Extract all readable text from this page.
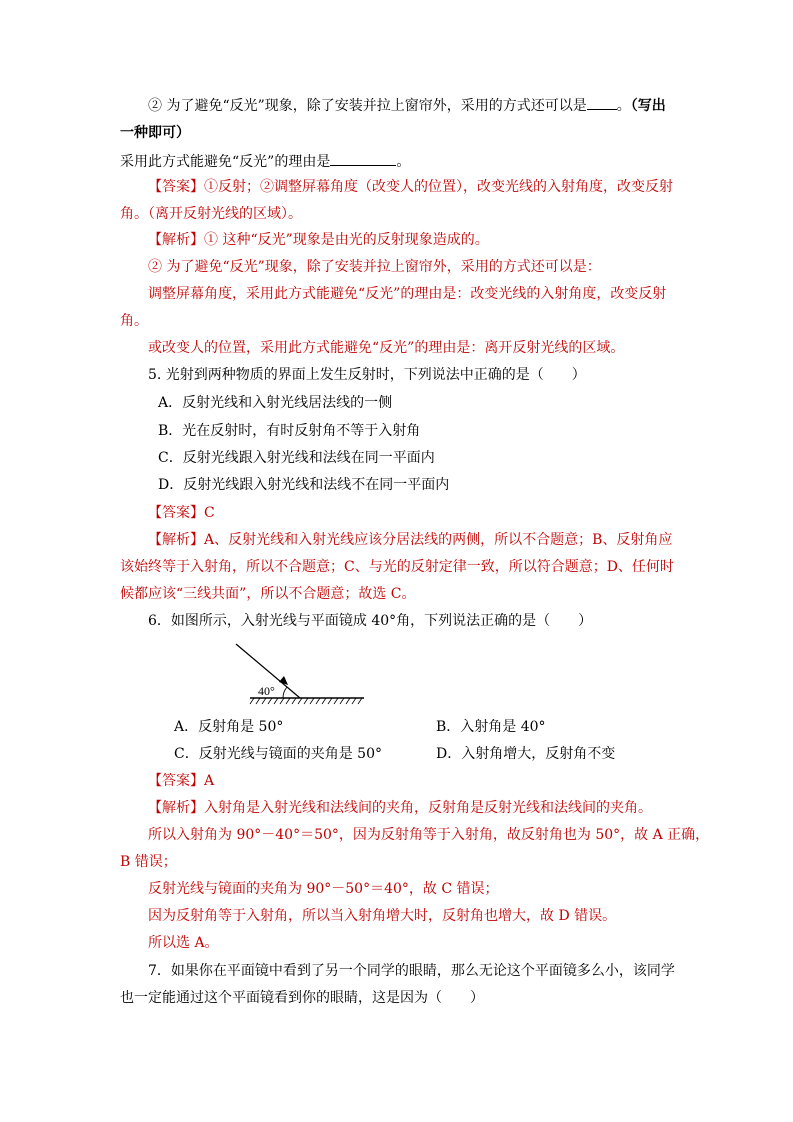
② 为了避免“反光”现象，除了安装并拉上窗帘外，采用的方式还可以是 。（写出
一种即可）
采用此方式能避免“反光”的理由是	。
【答案】①反射；②调整屏幕角度（改变人的位置），改变光线的入射角度，改变反射
角。（离开反射光线的区域）。
【解析】① 这种“反光”现象是由光的反射现象造成的。
② 为了避免“反光”现象，除了安装并拉上窗帘外，采用的方式还可以是：
调整屏幕角度，采用此方式能避免“反光”的理由是：改变光线的入射角度，改变反射
角。
或改变人的位置，采用此方式能避免“反光”的理由是：离开反射光线的区域。
5. 光射到两种物质的界面上发生反射时，下列说法中正确的是（　　）
A．反射光线和入射光线居法线的一侧
B．光在反射时，有时反射角不等于入射角
C．反射光线跟入射光线和法线在同一平面内
D．反射光线跟入射光线和法线不在同一平面内
【答案】C
【解析】A、反射光线和入射光线应该分居法线的两侧，所以不合题意；B、反射角应
该始终等于入射角，所以不合题意；C、与光的反射定律一致，所以符合题意；D、任何时
候都应该“三线共面”，所以不合题意；故选 C。
6．如图所示，入射光线与平面镜成 40°角，下列说法正确的是（　　）
40°
A．反射角是 50°	B．入射角是 40°
C．反射光线与镜面的夹角是 50°	D．入射角增大，反射角不变
【答案】A
【解析】入射角是入射光线和法线间的夹角，反射角是反射光线和法线间的夹角。
所以入射角为 90°－40°＝50°，因为反射角等于入射角，故反射角也为 50°，故 A 正确，
B 错误；
反射光线与镜面的夹角为 90°－50°＝40°，故 C 错误；
因为反射角等于入射角，所以当入射角增大时，反射角也增大，故 D 错误。
所以选 A。
7．如果你在平面镜中看到了另一个同学的眼睛，那么无论这个平面镜多么小，该同学
也一定能通过这个平面镜看到你的眼睛，这是因为（　　）
